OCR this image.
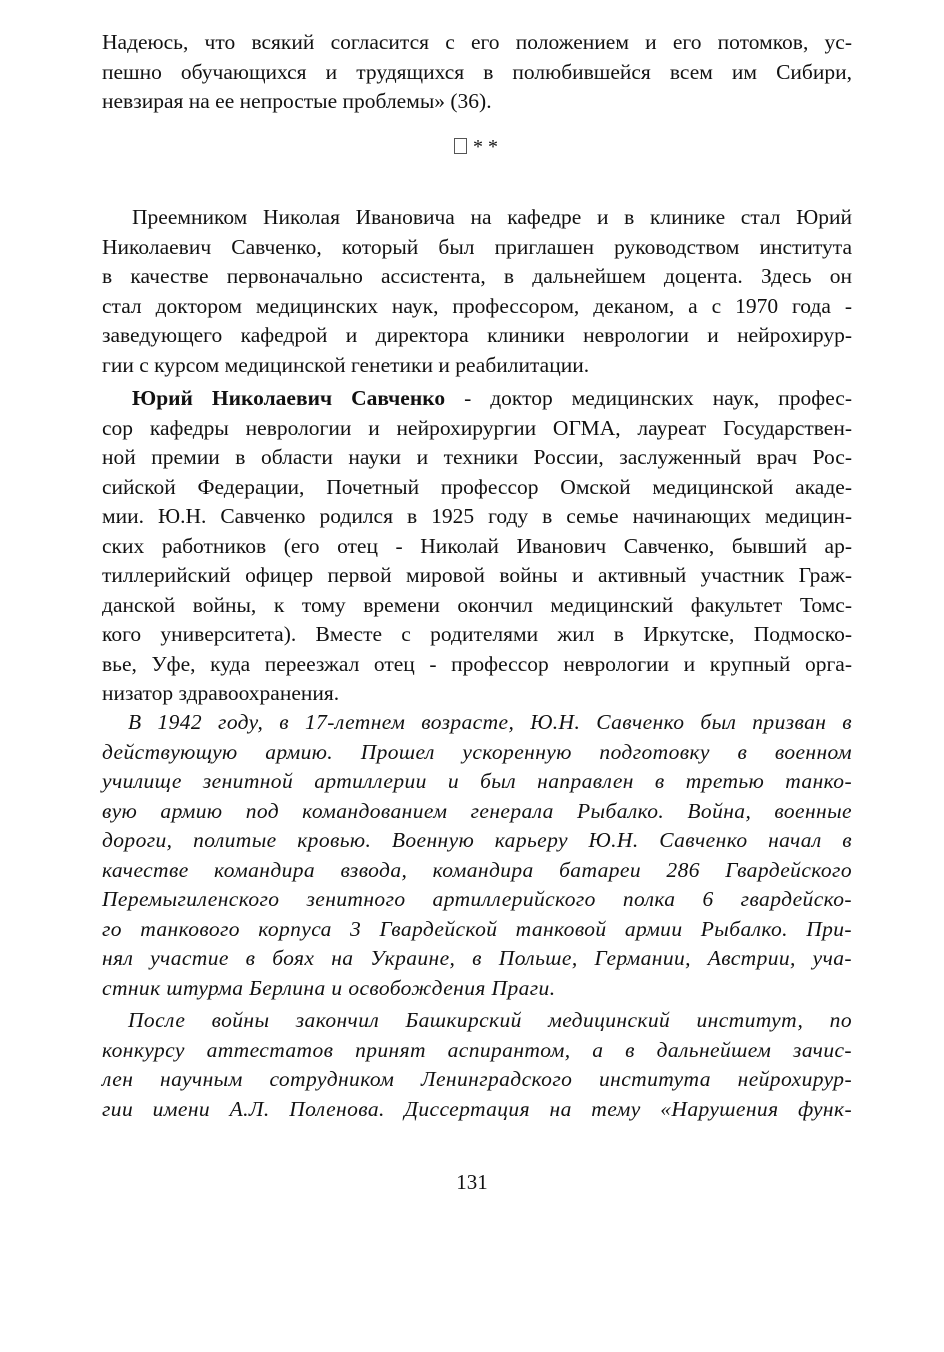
Надеюсь, что всякий согласится с его положением и его потомков, ус-
пешно обучающихся и трудящихся в полюбившейся всем им Сибири,
невзирая на ее непростые проблемы» (36).
* *
Преемником Николая Ивановича на кафедре и в клинике стал Юрий
Николаевич Савченко, который был приглашен руководством института
в качестве первоначально ассистента, в дальнейшем доцента. Здесь он
стал доктором медицинских наук, профессором, деканом, а с 1970 года -
заведующего кафедрой и директора клиники неврологии и нейрохирур-
гии с курсом медицинской генетики и реабилитации.
Юрий Николаевич Савченко - доктор медицинских наук, профес-
сор кафедры неврологии и нейрохирургии ОГМА, лауреат Государствен-
ной премии в области науки и техники России, заслуженный врач Рос-
сийской Федерации, Почетный профессор Омской медицинской акаде-
мии. Ю.Н. Савченко родился в 1925 году в семье начинающих медицин-
ских работников (его отец - Николай Иванович Савченко, бывший ар-
тиллерийский офицер первой мировой войны и активный участник Граж-
данской войны, к тому времени окончил медицинский факультет Томс-
кого университета). Вместе с родителями жил в Иркутске, Подмоско-
вье, Уфе, куда переезжал отец - профессор неврологии и крупный орга-
низатор здравоохранения.
В 1942 году, в 17-летнем возрасте, Ю.Н. Савченко был призван в
действующую армию. Прошел ускоренную подготовку в военном
училище зенитной артиллерии и был направлен в третью танко-
вую армию под командованием генерала Рыбалко. Война, военные
дороги, политые кровью. Военную карьеру Ю.Н. Савченко начал в
качестве командира взвода, командира батареи 286 Гвардейского
Перемыгиленского зенитного артиллерийского полка 6 гвардейско-
го танкового корпуса 3 Гвардейской танковой армии Рыбалко. При-
нял участие в боях на Украине, в Польше, Германии, Австрии, уча-
стник штурма Берлина и освобождения Праги.
После войны закончил Башкирский медицинский институт, по
конкурсу аттестатов принят аспирантом, а в дальнейшем зачис-
лен научным сотрудником Ленинградского института нейрохирур-
гии имени А.Л. Поленова. Диссертация на тему «Нарушения функ-
131
